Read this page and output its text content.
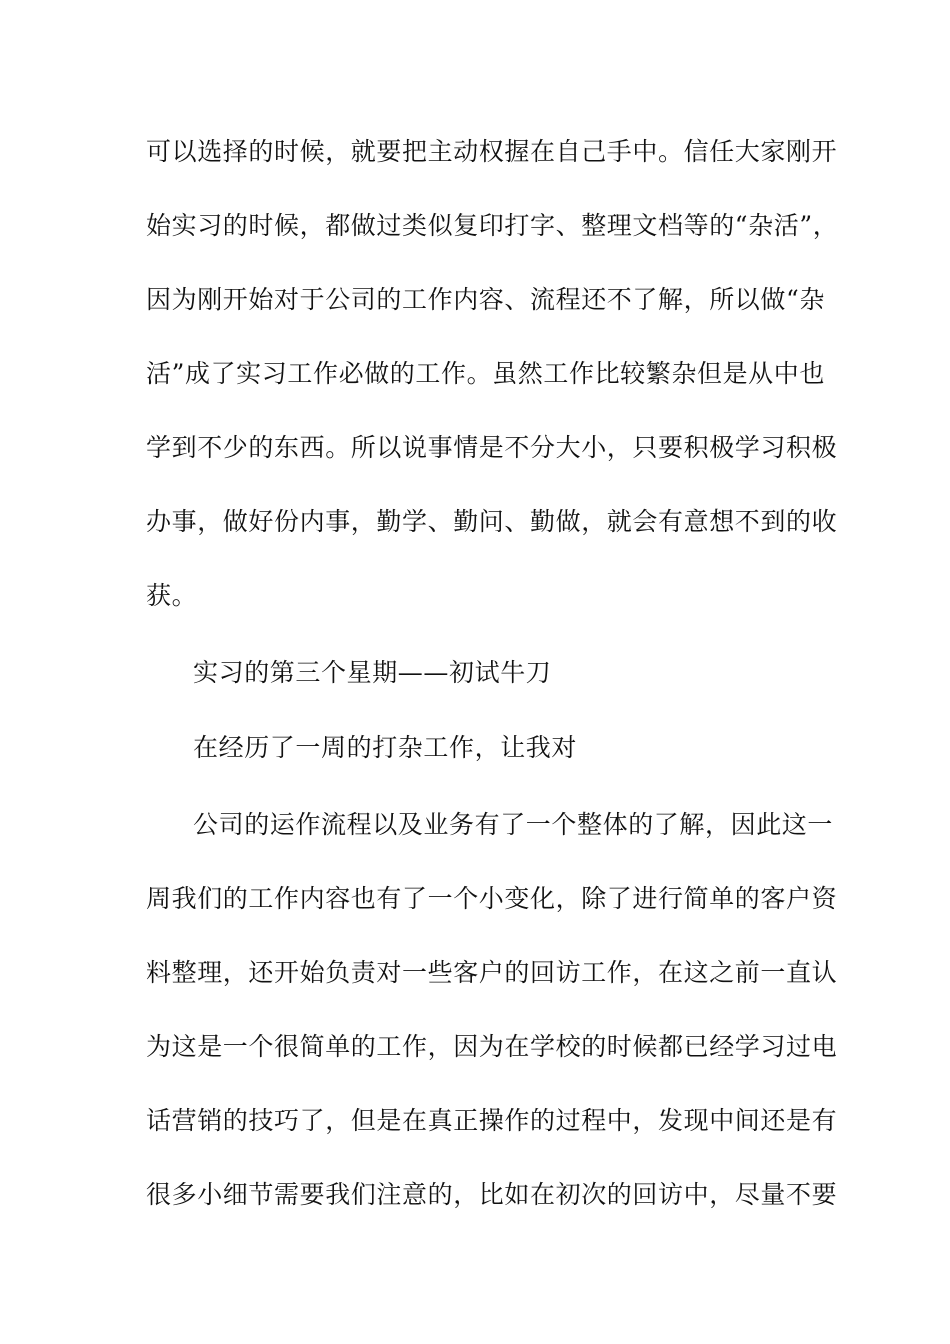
可以选择的时候，就要把主动权握在自己手中。信任大家刚开
始实习的时候，都做过类似复印打字、整理文档等的“杂活”，
因为刚开始对于公司的工作内容、流程还不了解，所以做“杂
活”成了实习工作必做的工作。虽然工作比较繁杂但是从中也
学到不少的东西。所以说事情是不分大小，只要积极学习积极
办事，做好份内事，勤学、勤问、勤做，就会有意想不到的收
获。
实习的第三个星期——初试牛刀
在经历了一周的打杂工作，让我对
公司的运作流程以及业务有了一个整体的了解，因此这一
周我们的工作内容也有了一个小变化，除了进行简单的客户资
料整理，还开始负责对一些客户的回访工作，在这之前一直认
为这是一个很简单的工作，因为在学校的时候都已经学习过电
话营销的技巧了，但是在真正操作的过程中，发现中间还是有
很多小细节需要我们注意的，比如在初次的回访中，尽量不要
